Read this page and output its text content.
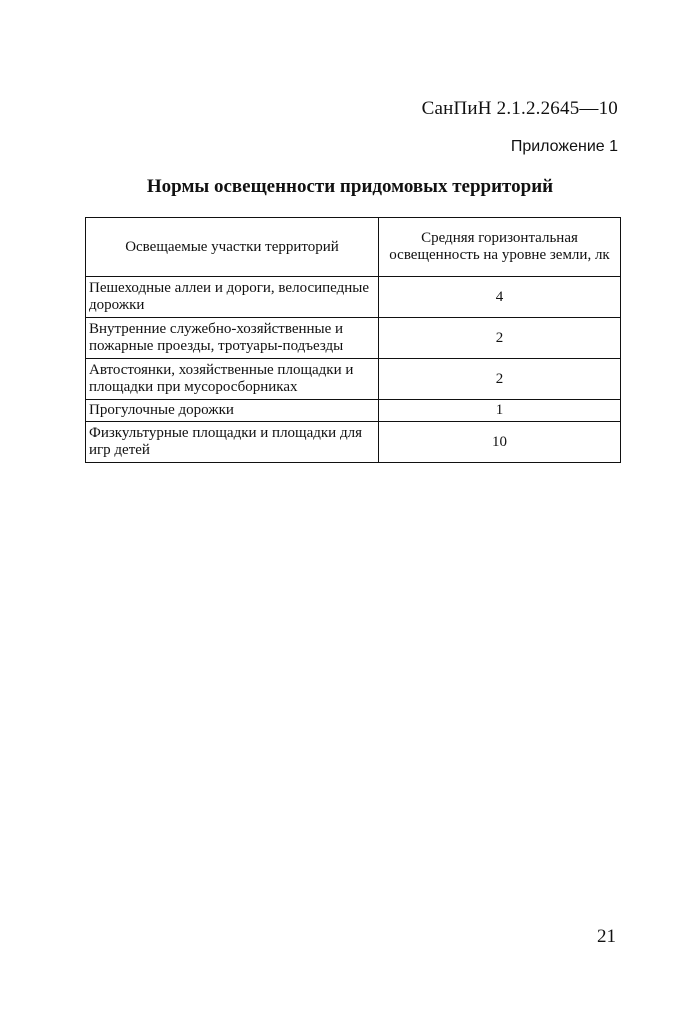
СанПиН 2.1.2.2645—10
Приложение 1
Нормы освещенности придомовых территорий
Освещаемые участки территорий	Средняя горизонтальная освещенность на уровне земли, лк
Пешеходные аллеи и дороги, велосипедные дорожки	4
Внутренние служебно-хозяйственные и пожарные проезды, тротуары-подъезды	2
Автостоянки, хозяйственные площадки и площадки при мусоросборниках	2
Прогулочные дорожки	1
Физкультурные площадки и площадки для игр детей	10
21
